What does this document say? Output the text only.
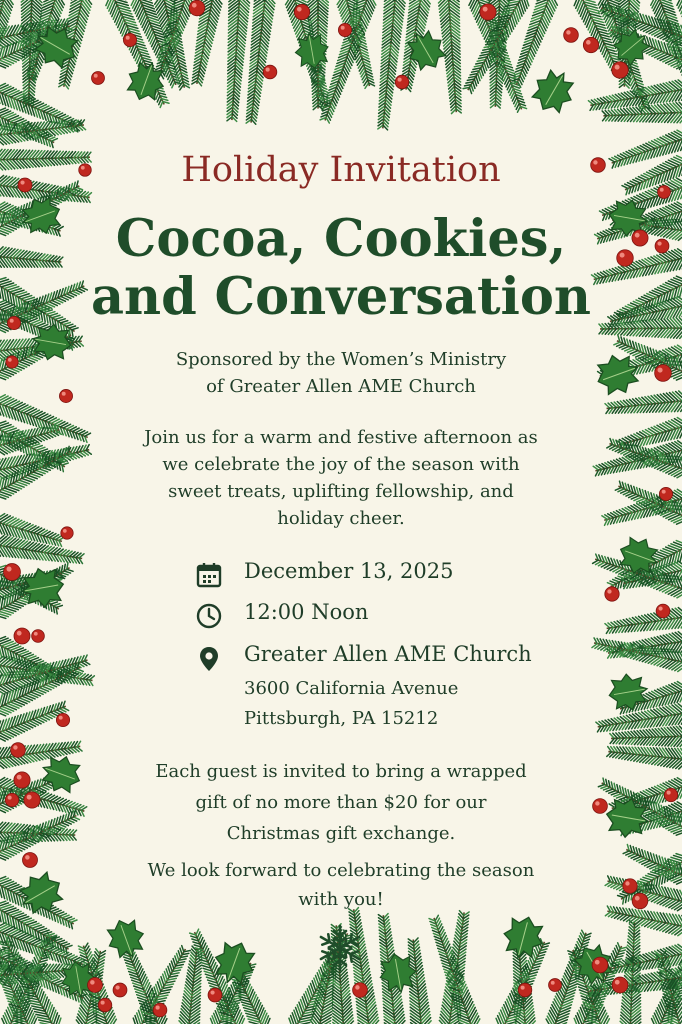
Holiday Invitation
Cocoa, Cookies,
and Conversation
Sponsored by the Women’s Ministry
of Greater Allen AME Church
Join us for a warm and festive afternoon as
we celebrate the joy of the season with
sweet treats, uplifting fellowship, and
holiday cheer.
December 13, 2025
12:00 Noon
Greater Allen AME Church
3600 California Avenue
Pittsburgh, PA 15212
Each guest is invited to bring a wrapped
gift of no more than $20 for our
Christmas gift exchange.
We look forward to celebrating the season
with you!
